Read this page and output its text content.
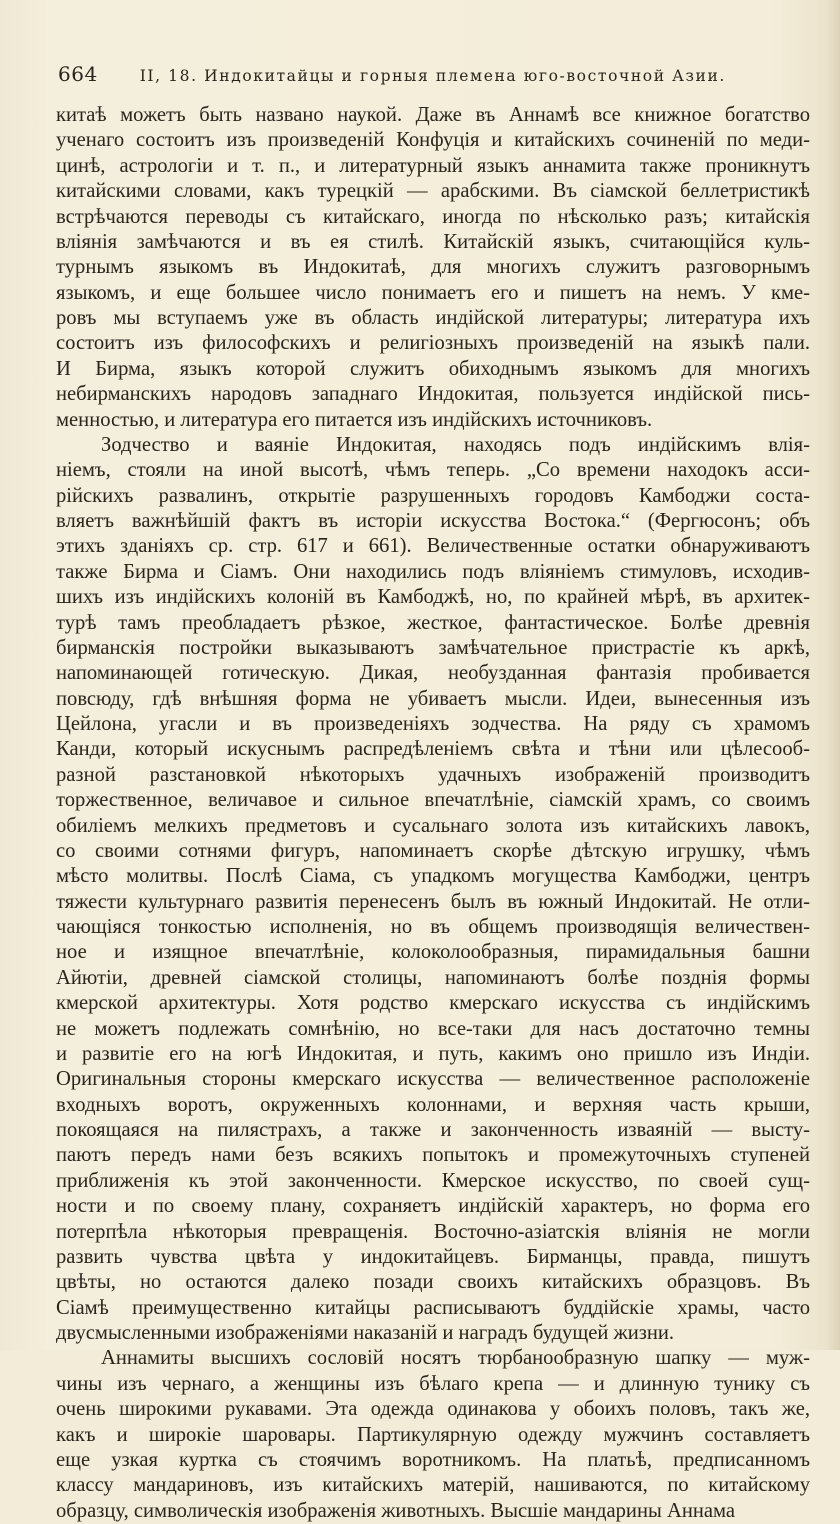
664	II, 18. Индокитайцы и горныя племена юго-восточной Азии.
китаѣ можетъ быть названо наукой. Даже въ Аннамѣ все книжное богатство
ученаго состоитъ изъ произведеній Конфуція и китайскихъ сочиненій по меди-
цинѣ, астрологіи и т. п., и литературный языкъ аннамита также проникнутъ
китайскими словами, какъ турецкій — арабскими. Въ сіамской беллетристикѣ
встрѣчаются переводы съ китайскаго, иногда по нѣсколько разъ; китайскія
вліянія замѣчаются и въ ея стилѣ. Китайскій языкъ, считающійся куль-
турнымъ языкомъ въ Индокитаѣ, для многихъ служитъ разговорнымъ
языкомъ, и еще большее число понимаетъ его и пишетъ на немъ. У кме-
ровъ мы вступаемъ уже въ область индійской литературы; литература ихъ
состоитъ изъ философскихъ и религіозныхъ произведеній на языкѣ пали.
И Бирма, языкъ которой служитъ обиходнымъ языкомъ для многихъ
небирманскихъ народовъ западнаго Индокитая, пользуется индійской пись-
менностью, и литература его питается изъ индійскихъ источниковъ.
Зодчество и ваяніе Индокитая, находясь подъ индійскимъ влія-
ніемъ, стояли на иной высотѣ, чѣмъ теперь. „Со времени находокъ асси-
рійскихъ развалинъ, открытіе разрушенныхъ городовъ Камбоджи соста-
вляетъ важнѣйшій фактъ въ исторіи искусства Востока.“ (Фергюсонъ; объ
этихъ зданіяхъ ср. стр. 617 и 661). Величественные остатки обнаруживаютъ
также Бирма и Сіамъ. Они находились подъ вліяніемъ стимуловъ, исходив-
шихъ изъ индійскихъ колоній въ Камбоджѣ, но, по крайней мѣрѣ, въ архитек-
турѣ тамъ преобладаетъ рѣзкое, жесткое, фантастическое. Болѣе древнія
бирманскія постройки выказываютъ замѣчательное пристрастіе къ аркѣ,
напоминающей готическую. Дикая, необузданная фантазія пробивается
повсюду, гдѣ внѣшняя форма не убиваетъ мысли. Идеи, вынесенныя изъ
Цейлона, угасли и въ произведеніяхъ зодчества. На ряду съ храмомъ
Канди, который искуснымъ распредѣленіемъ свѣта и тѣни или цѣлесооб-
разной разстановкой нѣкоторыхъ удачныхъ изображеній производитъ
торжественное, величавое и сильное впечатлѣніе, сіамскій храмъ, со своимъ
обиліемъ мелкихъ предметовъ и сусальнаго золота изъ китайскихъ лавокъ,
со своими сотнями фигуръ, напоминаетъ скорѣе дѣтскую игрушку, чѣмъ
мѣсто молитвы. Послѣ Сіама, съ упадкомъ могущества Камбоджи, центръ
тяжести культурнаго развитія перенесенъ былъ въ южный Индокитай. Не отли-
чающіяся тонкостью исполненія, но въ общемъ производящія величествен-
ное и изящное впечатлѣніе, колоколообразныя, пирамидальныя башни
Айютіи, древней сіамской столицы, напоминаютъ болѣе позднія формы
кмерской архитектуры. Хотя родство кмерскаго искусства съ индійскимъ
не можетъ подлежать сомнѣнію, но все-таки для насъ достаточно темны
и развитіе его на югѣ Индокитая, и путь, какимъ оно пришло изъ Индіи.
Оригинальныя стороны кмерскаго искусства — величественное расположеніе
входныхъ воротъ, окруженныхъ колоннами, и верхняя часть крыши,
покоящаяся на пилястрахъ, а также и законченность изваяній — высту-
паютъ передъ нами безъ всякихъ попытокъ и промежуточныхъ ступеней
приближенія къ этой законченности. Кмерское искусство, по своей сущ-
ности и по своему плану, сохраняетъ индійскій характеръ, но форма его
потерпѣла нѣкоторыя превращенія. Восточно-азіатскія вліянія не могли
развить чувства цвѣта у индокитайцевъ. Бирманцы, правда, пишутъ
цвѣты, но остаются далеко позади своихъ китайскихъ образцовъ. Въ
Сіамѣ преимущественно китайцы расписываютъ буддійскіе храмы, часто
двусмысленными изображеніями наказаній и наградъ будущей жизни.
Аннамиты высшихъ сословій носятъ тюрбанообразную шапку — муж-
чины изъ чернаго, а женщины изъ бѣлаго крепа — и длинную тунику съ
очень широкими рукавами. Эта одежда одинакова у обоихъ половъ, такъ же,
какъ и широкіе шаровары. Партикулярную одежду мужчинъ составляетъ
еще узкая куртка съ стоячимъ воротникомъ. На платьѣ, предписанномъ
классу мандариновъ, изъ китайскихъ матерій, нашиваются, по китайскому
образцу, символическія изображенія животныхъ. Высшіе мандарины Аннама
